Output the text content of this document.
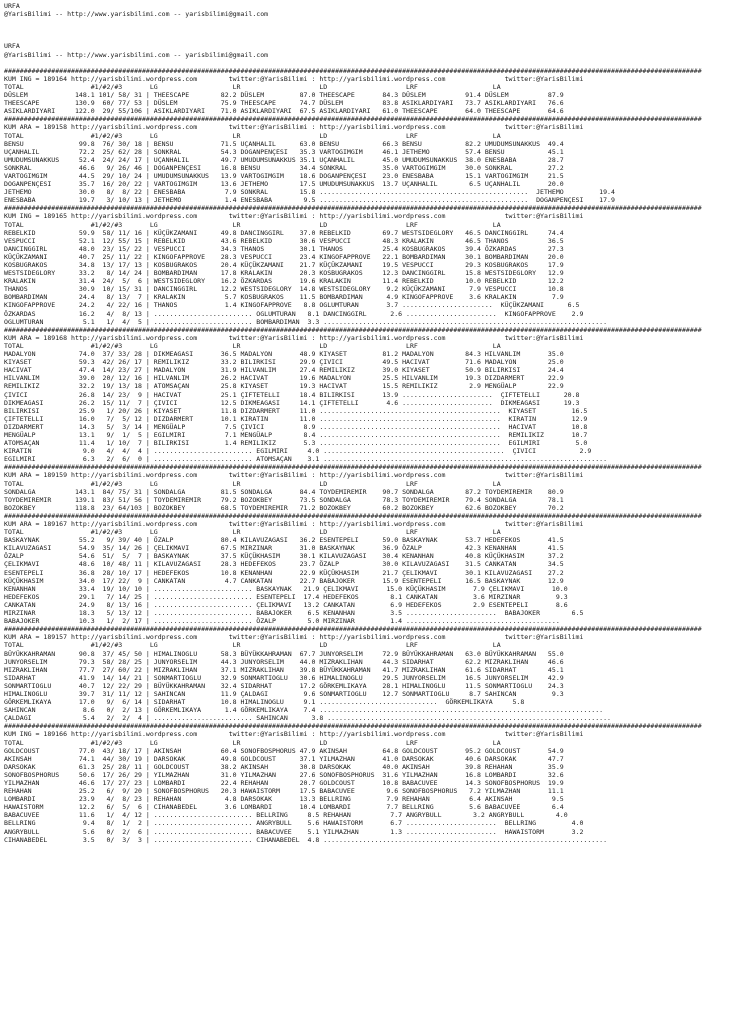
URFA
@YarisBilimi -- http://www.yarisbilimi.com -- yarisbilimi@gmail.com
URFA
@YarisBilimi -- http://www.yarisbilimi.com -- yarisbilimi@gmail.com
#################################################################################################################################################################################
KUM ING = 189164 http://yarisbilimi.wordpress.com        twitter:@YarisBilimi : http://yarisbilimi.wordpress.com               twitter:@YarisBilimi
TOTAL                 #1/#2/#3       LG                   LR                    LD                    LRF                   LA
DÜSLEM            148.1 101/ 58/ 31 | THEESCAPE        82.2 DÜSLEM         87.0 THEESCAPE       84.3 DÜSLEM          91.4 DÜSLEM          87.9
THEESCAPE         130.9  60/ 77/ 53 | DÜSLEM           75.9 THEESCAPE      74.7 DÜSLEM          83.8 ASIKLARDIYARI   73.7 ASIKLARDIYARI   76.6
ASIKLARDIYARI     122.0  29/ 55/106 | ASIKLARDIYARI    71.0 ASIKLARDIYARI  67.5 ASIKLARDIYARI   61.0 THEESCAPE       64.0 THEESCAPE       64.6
#################################################################################################################################################################################
KUM ARA = 189158 http://yarisbilimi.wordpress.com        twitter:@YarisBilimi : http://yarisbilimi.wordpress.com               twitter:@YarisBilimi
TOTAL                 #1/#2/#3       LG                   LR                    LD                    LRF                   LA
BENSU              99.8  76/ 30/ 18 | BENSU            71.5 UÇANHALIL      63.0 BENSU           66.3 BENSU           82.2 UMUDUMSUNAKKUS  49.4
UÇANHALIL          72.2  25/ 62/ 28 | SONKRAL          54.3 DOGANPENÇESI   35.3 VARTOGIMGIM     46.1 JETHEMO         57.4 BENSU           45.1
UMUDUMSUNAKKUS     52.4  24/ 24/ 17 | UÇANHALIL        49.7 UMUDUMSUNAKKUS 35.1 UÇANHALIL       45.0 UMUDUMSUNAKKUS  38.0 ENESBABA        28.7
SONKRAL            46.6   9/ 26/ 46 | DOGANPENÇESI     16.8 BENSU          34.4 SONKRAL         35.0 VARTOGIMGIM     30.0 SONKRAL         27.2
VARTOGIMGIM        44.5  29/ 10/ 24 | UMUDUMSUNAKKUS   13.9 VARTOGIMGIM    18.6 DOGANPENÇESI    23.0 ENESBABA        15.1 VARTOGIMGIM     21.5
DOGANPENÇESI       35.7  16/ 20/ 22 | VARTOGIMGIM      13.6 JETHEMO        17.5 UMUDUMSUNAKKUS  13.7 UÇANHALIL        6.5 UÇANHALIL       20.0
JETHEMO            30.0   8/  8/ 22 | ENESBABA          7.9 SONKRAL        15.8 .....................................................  JETHEMO         19.4
ENESBABA           19.7   3/ 10/ 13 | JETHEMO           1.4 ENESBABA        9.5 .....................................................  DOGANPENÇESI    17.9
#################################################################################################################################################################################
KUM ING = 189165 http://yarisbilimi.wordpress.com        twitter:@YarisBilimi : http://yarisbilimi.wordpress.com               twitter:@YarisBilimi
TOTAL                 #1/#2/#3       LG                   LR                    LD                    LRF                   LA
REBELKID           59.9  58/ 11/ 16 | KÜÇÜKZAMANI      49.8 DANCINGGIRL    37.0 REBELKID        69.7 WESTSIDEGLORY   46.5 DANCINGGIRL     74.4
VESPUCCI           52.1  12/ 55/ 15 | REBELKID         43.6 REBELKID       30.6 VESPUCCI        48.3 KRALAKIN        46.5 THANOS          36.5
DANCINGGIRL        48.0  23/ 15/ 22 | VESPUCCI         34.3 THANOS         30.1 THANOS          25.4 KOSBUGRAKOS     39.4 ÖZKARDAS        27.3
KÜÇÜKZAMANI        40.7  25/ 11/ 22 | KINGOFAPPROVE    28.3 VESPUCCI       23.4 KINGOFAPPROVE   22.1 BOMBARDIMAN     30.1 BOMBARDIMAN     20.0
KOSBUGRAKOS        34.8  13/ 17/ 13 | KOSBUGRAKOS      20.4 KÜÇÜKZAMANI    21.7 KÜÇÜKZAMANI     19.5 VESPUCCI        29.3 KOSBUGRAKOS     17.9
WESTSIDEGLORY      33.2   8/ 14/ 24 | BOMBARDIMAN      17.8 KRALAKIN       20.3 KOSBUGRAKOS     12.3 DANCINGGIRL     15.8 WESTSIDEGLORY   12.9
KRALAKIN           31.4  24/  5/  6 | WESTSIDEGLORY    16.2 ÖZKARDAS       19.6 KRALAKIN        11.4 REBELKID        10.0 REBELKID        12.2
THANOS             30.9  10/ 15/ 31 | DANCINGGIRL      12.2 WESTSIDEGLORY  14.8 WESTSIDEGLORY    9.2 KÜÇÜKZAMANI      7.9 VESPUCCI        10.8
BOMBARDIMAN        24.4   8/ 13/  7 | KRALAKIN          5.7 KOSBUGRAKOS    11.5 BOMBARDIMAN      4.9 KINGOFAPPROVE    3.6 KRALAKIN         7.9
KINGOFAPPROVE      24.2   4/ 22/ 16 | THANOS            1.4 KINGOFAPPROVE   8.8 OGLUMTURAN       3.7 .......................  KÜÇÜKZAMANI      6.5
ÖZKARDAS           16.2   4/  8/ 13 | ......................... OGLUMTURAN   8.1 DANCINGGIRL      2.6 .......................  KINGOFAPPROVE    2.9
OGLUMTURAN          5.1   1/  4/  5 | ......................... BOMBARDIMAN  3.3 ........................................................................
#################################################################################################################################################################################
KUM ARA = 189168 http://yarisbilimi.wordpress.com        twitter:@YarisBilimi : http://yarisbilimi.wordpress.com               twitter:@YarisBilimi
TOTAL                 #1/#2/#3       LG                   LR                    LD                    LRF                   LA
MADALYON           74.0  37/ 33/ 28 | DIKMEAGASI       36.5 MADALYON       48.9 KIYASET         81.2 MADALYON        84.3 HILVANLIM       35.0
KIYASET            59.3  42/ 26/ 17 | REMILIKIZ        33.2 BILIRKISI      29.9 ÇIVICI          49.5 HACIVAT         71.6 MADALYON        25.0
HACIVAT            47.4  14/ 23/ 27 | MADALYON         31.9 HILVANLIM      27.4 REMILIKIZ       39.0 KIYASET         50.9 BILIRKISI       24.4
HILVANLIM          39.0  20/ 12/ 16 | HILVANLIM        26.2 HACIVAT        19.6 MADALYON        25.5 HILVANLIM       19.3 DIZDARMERT      22.9
REMILIKIZ          32.2  19/ 13/ 18 | ATOMSAÇAN        25.8 KIYASET        19.3 HACIVAT         15.5 REMILIKIZ        2.9 MENGÜALP        22.9
ÇIVICI             26.8  14/ 23/  9 | HACIVAT          25.1 ÇIFTETELLI     18.4 BILIRKISI       13.9 .......................  ÇIFTETELLI      20.8
DIKMEAGASI         26.2  15/ 11/  7 | ÇIVICI           12.5 DIKMEAGASI     14.1 ÇIFTETELLI       4.6 .......................  DIKMEAGASI      19.3
BILIRKISI          25.9   1/ 20/ 26 | KIYASET          11.8 DIZDARMERT     11.0 ..............................................  KIYASET         16.5
ÇIFTETELLI         16.0   7/  5/ 12 | DIZDARMERT       10.1 KIRATIN        11.0 ..............................................  KIRATIN         12.9
DIZDARMERT         14.3   5/  3/ 14 | MENGÜALP          7.5 ÇIVICI          8.9 ..............................................  HACIVAT         10.8
MENGÜALP           13.1   9/  1/  5 | EGILMIRI          7.1 MENGÜALP        8.4 ..............................................  REMILIKIZ       10.7
ATOMSAÇAN          11.4   1/ 10/  7 | BILIRKISI         1.4 REMILIKIZ       5.3 ..............................................  EGILMIRI         5.0
KIRATIN             9.0   4/  4/  4 | ......................... EGILMIRI     4.0 ..............................................  ÇIVICI           2.9
EGILMIRI            6.3   2/  6/  0 | ......................... ATOMSAÇAN    3.1 ........................................................................
#################################################################################################################################################################################
KUM ARA = 189159 http://yarisbilimi.wordpress.com        twitter:@YarisBilimi : http://yarisbilimi.wordpress.com               twitter:@YarisBilimi
TOTAL                 #1/#2/#3       LG                   LR                    LD                    LRF                   LA
SONDALGA          143.1  84/ 75/ 31 | SONDALGA         81.5 SONDALGA       84.4 TOYDEMIREMIR    90.7 SONDALGA        87.2 TOYDEMIREMIR    80.9
TOYDEMIREMIR      139.1  83/ 51/ 56 | TOYDEMIREMIR     79.2 BOZOKBEY       73.5 SONDALGA        78.3 TOYDEMIREMIR    79.4 SONDALGA        78.1
BOZOKBEY          118.8  23/ 64/103 | BOZOKBEY         68.5 TOYDEMIREMIR   71.2 BOZOKBEY        60.2 BOZOKBEY        62.6 BOZOKBEY        70.2
#################################################################################################################################################################################
KUM ARA = 189167 http://yarisbilimi.wordpress.com        twitter:@YarisBilimi : http://yarisbilimi.wordpress.com               twitter:@YarisBilimi
TOTAL                 #1/#2/#3       LG                   LR                    LD                    LRF                   LA
BASKAYNAK          55.2   9/ 39/ 40 | ÖZALP            80.4 KILAVUZAGASI   36.2 ESENTEPELI      59.0 BASKAYNAK       53.7 HEDEFEKOS       41.5
KILAVUZAGASI       54.9  35/ 14/ 26 | ÇELIKMAVI        67.5 MIRZINAR       31.0 BASKAYNAK       36.9 ÖZALP           42.3 KENANHAN        41.5
ÖZALP              54.6  51/  5/  7 | BASKAYNAK        37.5 KÜÇÜKHASIM     30.1 KILAVUZAGASI    30.4 KENANHAN        40.8 KÜÇÜKHASIM      37.2
ÇELIKMAVI          48.6  10/ 48/ 11 | KILAVUZAGASI     28.3 HEDEFEKOS      23.7 ÖZALP           30.0 KILAVUZAGASI    31.5 CANKATAN        34.5
ESENTEPELI         36.8  28/ 10/ 17 | HEDEFEKOS        10.8 KENANHAN       22.9 KÜÇÜKHASIM      21.7 ÇELIKMAVI       30.1 KILAVUZAGASI    27.2
KÜÇÜKHASIM         34.0  17/ 22/  9 | CANKATAN          4.7 CANKATAN       22.7 BABAJOKER       15.9 ESENTEPELI      16.5 BASKAYNAK       12.9
KENANHAN           33.4  19/ 10/ 10 | ......................... BASKAYNAK   21.9 ÇELIKMAVI       15.0 KÜÇÜKHASIM       7.9 ÇELIKMAVI       10.0
HEDEFEKOS          29.1   7/ 14/ 25 | ......................... ESENTEPELI  17.4 HEDEFEKOS        8.1 CANKATAN         3.6 MIRZINAR         9.3
CANKATAN           24.9   8/ 13/ 16 | ......................... ÇELIKMAVI   13.2 CANKATAN         6.9 HEDEFEKOS        2.9 ESENTEPELI       8.6
MIRZINAR           18.3   5/ 13/ 12 | ......................... BABAJOKER    6.5 KENANHAN         3.5 .......................  BABAJOKER        6.5
BABAJOKER          10.3   1/  2/ 17 | ......................... ÖZALP        5.0 MIRZINAR         1.4 .......................................
#################################################################################################################################################################################
KUM ARA = 189157 http://yarisbilimi.wordpress.com        twitter:@YarisBilimi : http://yarisbilimi.wordpress.com               twitter:@YarisBilimi
TOTAL                 #1/#2/#3       LG                   LR                    LD                    LRF                   LA
BÜYÜKKAHRAMAN      90.8  37/ 45/ 50 | HIMALINOGLU      58.3 BÜYÜKKAHRAMAN  67.7 JUNYORSELIM     72.9 BÜYÜKKAHRAMAN   63.0 BÜYÜKKAHRAMAN   55.0
JUNYORSELIM        79.3  58/ 28/ 25 | JUNYORSELIM      44.3 JUNYORSELIM    44.0 MIZRAKLIHAN     44.3 SIDARHAT        62.2 MIZRAKLIHAN     46.6
MIZRAKLIHAN        77.7  27/ 60/ 22 | MIZRAKLIHAN      37.1 MIZRAKLIHAN    39.8 BÜYÜKKAHRAMAN   41.7 MIZRAKLIHAN     61.6 SIDARHAT        45.1
SIDARHAT           41.9  14/ 14/ 21 | SONMARTIOGLU     32.9 SONMARTIOGLU   30.6 HIMALINOGLU     29.5 JUNYORSELIM     16.5 JUNYORSELIM     42.9
SONMARTIOGLU       40.7  12/ 22/ 29 | BÜYÜKKAHRAMAN    32.4 SIDARHAT       17.2 GÖRKEMLIKAYA    28.1 HIMALINOGLU     11.5 SONMARTIOGLU    24.3
HIMALINOGLU        39.7  31/ 11/ 12 | SAHINCAN         11.9 ÇALDAGI         9.6 SONMARTIOGLU    12.7 SONMARTIOGLU     8.7 SAHINCAN         9.3
GÖRKEMLIKAYA       17.0   9/  6/ 14 | SIDARHAT         10.8 HIMALINOGLU     9.1 ..............................  GÖRKEMLIKAYA     5.8
SAHINCAN            8.6   0/  2/ 13 | GÖRKEMLIKAYA      1.4 GÖRKEMLIKAYA    7.4 ........................................................................
ÇALDAGI             5.4   2/  2/  4 | ......................... SAHINCAN      3.8 ........................................................................
#################################################################################################################################################################################
KUM ING = 189166 http://yarisbilimi.wordpress.com        twitter:@YarisBilimi : http://yarisbilimi.wordpress.com               twitter:@YarisBilimi
TOTAL                 #1/#2/#3       LG                   LR                    LD                    LRF                   LA
GOLDCOUST          77.0  43/ 18/ 17 | AKINSAH          60.4 SONOFBOSPHORUS 47.9 AKINSAH         64.8 GOLDCOUST       95.2 GOLDCOUST       54.9
AKINSAH            74.1  44/ 30/ 19 | DARSOKAK         49.8 GOLDCOUST      37.1 YILMAZHAN       41.0 DARSOKAK        40.6 DARSOKAK        47.7
DARSOKAK           61.3  25/ 28/ 11 | GOLDCOUST        38.2 AKINSAH        30.8 DARSOKAK        40.0 AKINSAH         39.8 REHAHAN         35.9
SONOFBOSPHORUS     50.6  17/ 26/ 29 | YILMAZHAN        31.0 YILMAZHAN      27.6 SONOFBOSPHORUS  31.6 YILMAZHAN       16.8 LOMBARDI        32.6
YILMAZHAN          46.6  17/ 27/ 23 | LOMBARDI         22.4 REHAHAN        20.7 GOLDCOUST       10.8 BABACUVEE       14.3 SONOFBOSPHORUS  19.9
REHAHAN            25.2   6/  9/ 20 | SONOFBOSPHORUS   20.3 HAWAISTORM     17.5 BABACUVEE        9.6 SONOFBOSPHORUS   7.2 YILMAZHAN       11.1
LOMBARDI           23.9   4/  8/ 23 | REHAHAN           4.8 DARSOKAK       13.3 BELLRING         7.9 REHAHAN          6.4 AKINSAH          9.5
HAWAISTORM         12.2   6/  5/  6 | CIHANABEDEL       3.6 LOMBARDI       10.4 LOMBARDI         7.7 BELLRING         5.6 BABACUVEE        6.4
BABACUVEE          11.6   1/  4/ 12 | ......................... BELLRING     8.5 REHAHAN          7.7 ANGRYBULL        3.2 ANGRYBULL        4.0
BELLRING            9.4   8/  1/  2 | ......................... ANGRYBULL    5.6 HAWAISTORM       6.7 .......................  BELLRING         4.0
ANGRYBULL           5.6   0/  2/  6 | ......................... BABACUVEE    5.1 YILMAZHAN        1.3 .......................  HAWAISTORM       3.2
CIHANABEDEL         3.5   0/  3/  3 | ......................... CIHANABEDEL  4.8 ........................................................................
